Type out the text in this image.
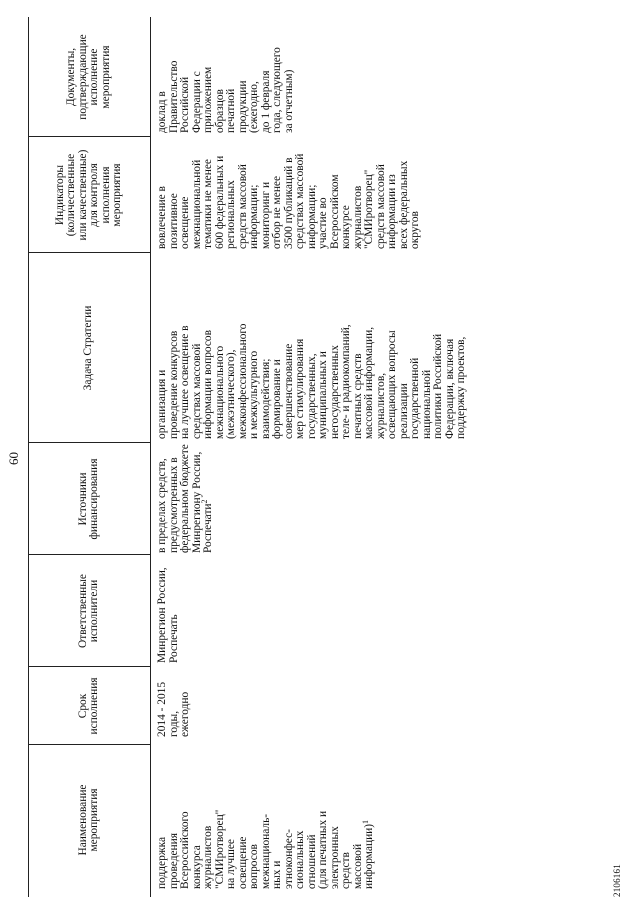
60
Наименование
мероприятия
Срок
исполнения
Ответственные
исполнители
Источники
финансирования
Задача Стратегии
Индикаторы
(количественные
или качественные)
для контроля
исполнения
мероприятия
Документы,
подтверждающие
исполнение
мероприятия
поддержка
проведения
Всероссийского
конкурса
журналистов
"СМИротворец"
на лучшее
освещение
вопросов
межнациональ-
ных и
этноконфес-
сиональных
отношений
(для печатных и
электронных
средств
массовой
информации)$^1$
2014 - 2015
годы,
ежегодно
Минрегион России,
Роспечать
в пределах средств,
предусмотренных в
федеральном бюджете
Минрегиону России,
Роспечати$^2$
организация и
проведение конкурсов
на лучшее освещение в
средствах массовой
информации вопросов
межнационального
(межэтнического),
межконфессионального
и межкультурного
взаимодействия;
формирование и
совершенствование
мер стимулирования
государственных,
муниципальных и
негосударственных
теле- и радиокомпаний,
печатных средств
массовой информации,
журналистов,
освещающих вопросы
реализации
государственной
национальной
политики Российской
Федерации, включая
поддержку проектов,
вовлечение в
позитивное
освещение
межнациональной
тематики не менее
600 федеральных и
региональных
средств массовой
информации;
мониторинг и
отбор не менее
3500 публикаций в
средствах массовой
информации;
участие во
Всероссийском
конкурсе
журналистов
"СМИротворец"
средств массовой
информации из
всех федеральных
округов
доклад в
Правительство
Российской
Федерации с
приложением
образцов
печатной
продукции
(ежегодно,
до 1 февраля
года, следующего
за отчетным)
2106161
